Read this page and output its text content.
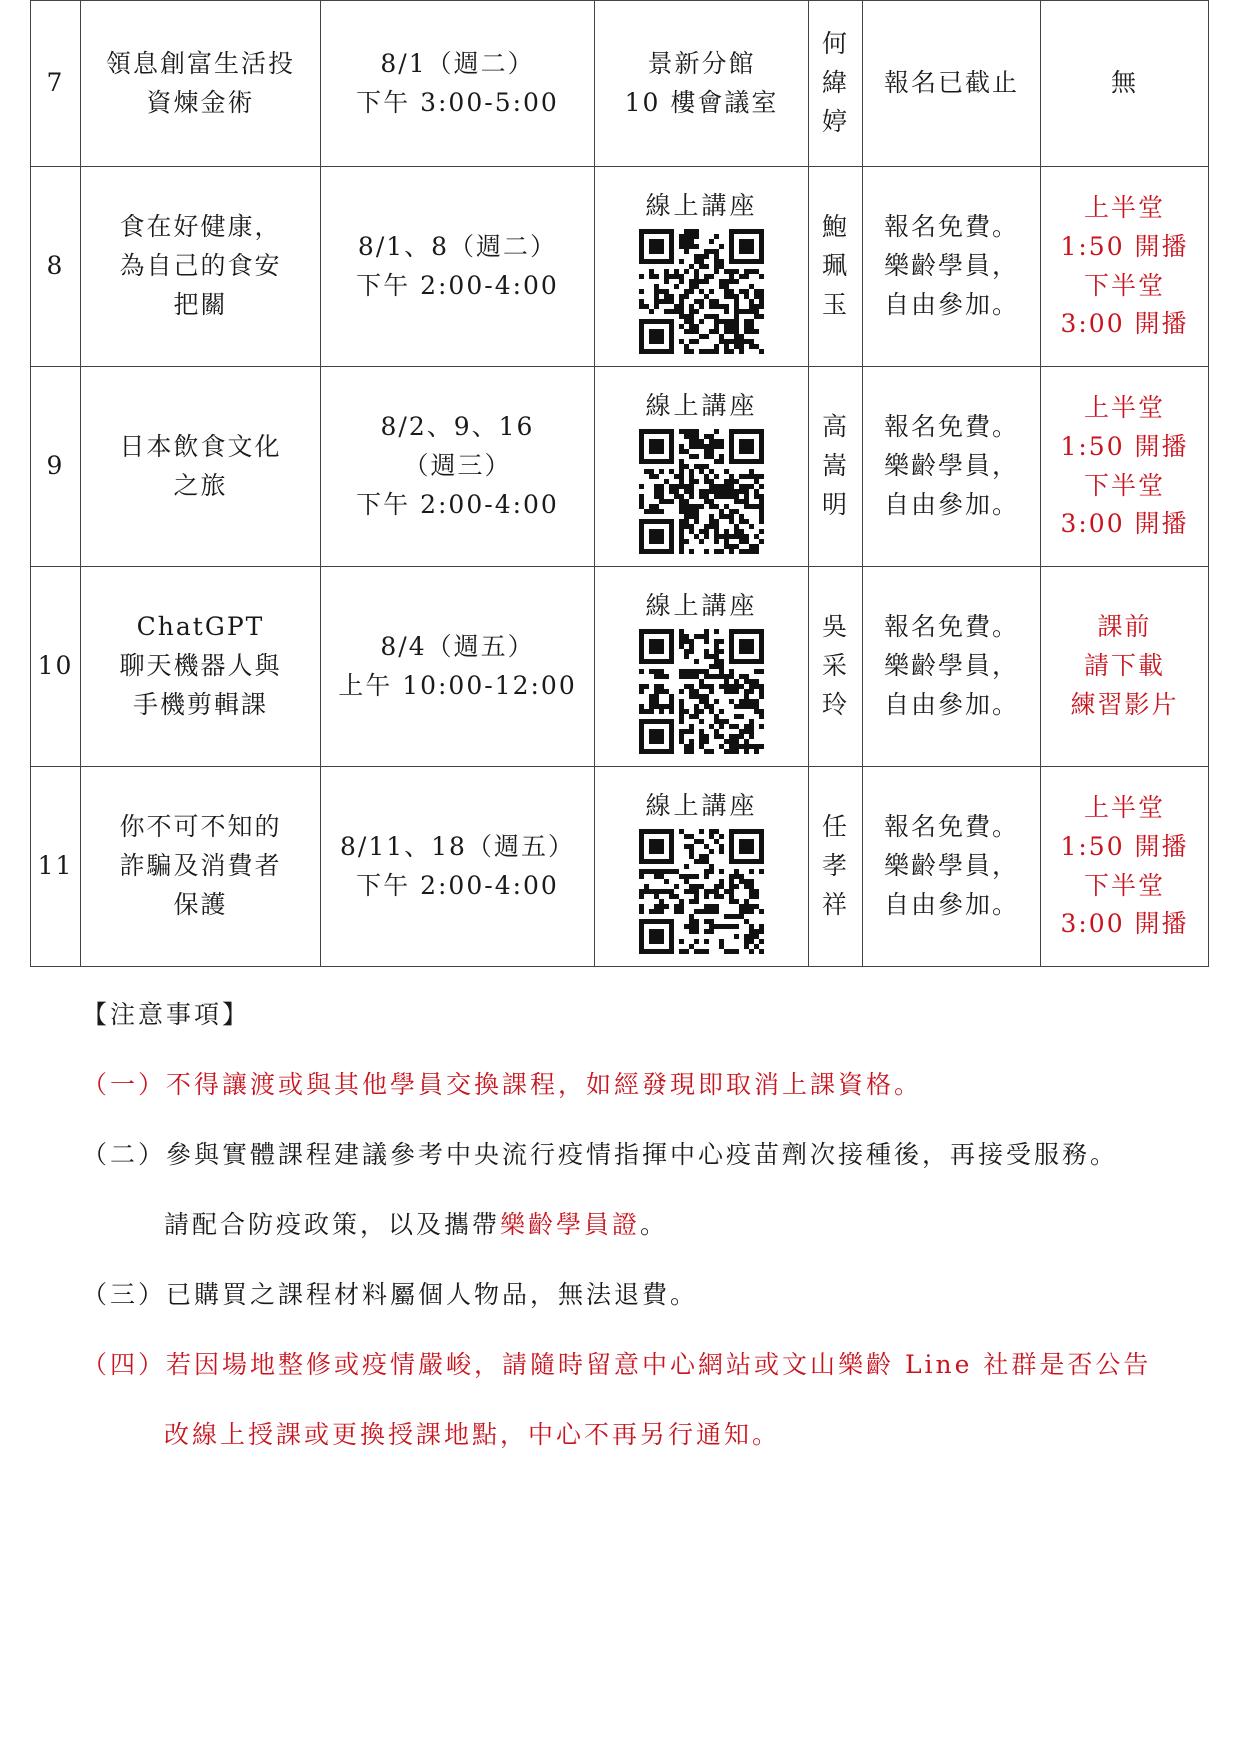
7	領息創富生活投
資煉金術	8/1（週二）
下午 3:00-5:00	景新分館
10 樓會議室	何
緯
婷	報名已截止	無

8	食在好健康，
為自己的食安
把關	8/1、8（週二）
下午 2:00-4:00	線上講座	鮑
珮
玉	報名免費。
樂齡學員，
自由參加。	上半堂
1:50 開播
下半堂
3:00 開播

9	日本飲食文化
之旅	8/2、9、16
（週三）
下午 2:00-4:00	線上講座	高
嵩
明	報名免費。
樂齡學員，
自由參加。	上半堂
1:50 開播
下半堂
3:00 開播

10	ChatGPT
聊天機器人與
手機剪輯課	8/4（週五）
上午 10:00-12:00	線上講座	吳
采
玲	報名免費。
樂齡學員，
自由參加。	課前
請下載
練習影片

11	你不可不知的
詐騙及消費者
保護	8/11、18（週五）
下午 2:00-4:00	線上講座	任
孝
祥	報名免費。
樂齡學員，
自由參加。	上半堂
1:50 開播
下半堂
3:00 開播
【注意事項】
（一）不得讓渡或與其他學員交換課程，如經發現即取消上課資格。
（二）參與實體課程建議參考中央流行疫情指揮中心疫苗劑次接種後，再接受服務。
請配合防疫政策，以及攜帶樂齡學員證。
（三）已購買之課程材料屬個人物品，無法退費。
（四）若因場地整修或疫情嚴峻，請隨時留意中心網站或文山樂齡 Line 社群是否公告
改線上授課或更換授課地點，中心不再另行通知。
